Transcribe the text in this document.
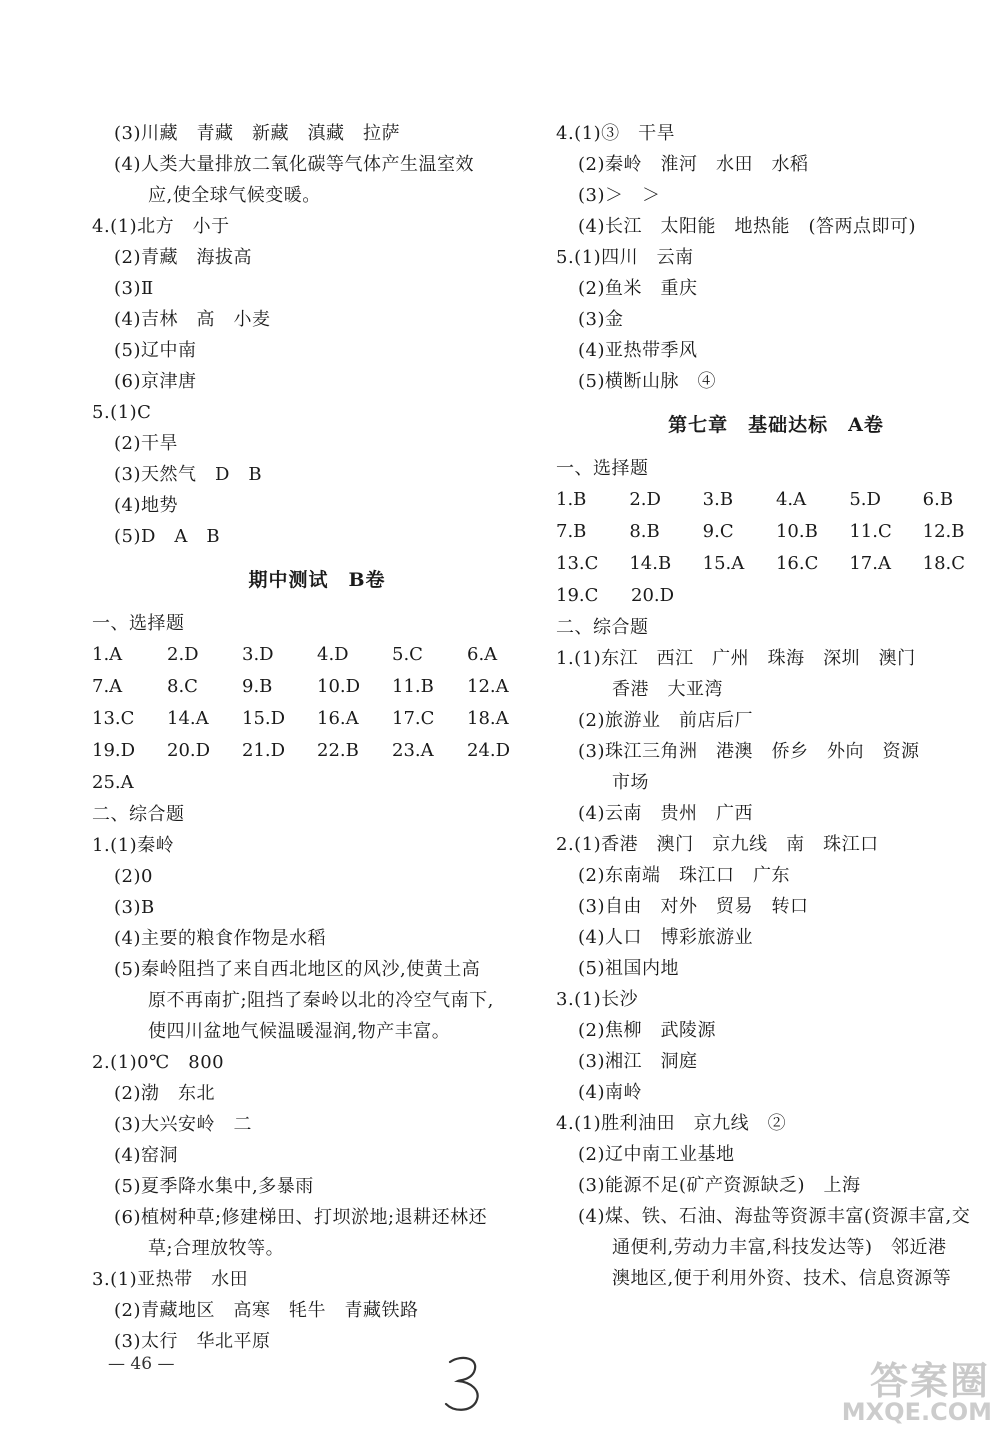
(3)川藏　青藏　新藏　滇藏　拉萨
(4)人类大量排放二氧化碳等气体产生温室效
应,使全球气候变暖。
4.(1)北方　小于
(2)青藏　海拔高
(3)Ⅱ
(4)吉林　高　小麦
(5)辽中南
(6)京津唐
5.(1)C
(2)干旱
(3)天然气　D　B
(4)地势
(5)D　A　B
期中测试　B卷
一、选择题
1.A	2.D	3.D	4.D	5.C	6.A
7.A	8.C	9.B	10.D	11.B	12.A
13.C	14.A	15.D	16.A	17.C	18.A
19.D	20.D	21.D	22.B	23.A	24.D
25.A
二、综合题
1.(1)秦岭
(2)0
(3)B
(4)主要的粮食作物是水稻
(5)秦岭阻挡了来自西北地区的风沙,使黄土高
原不再南扩;阻挡了秦岭以北的冷空气南下,
使四川盆地气候温暖湿润,物产丰富。
2.(1)0℃　800
(2)渤　东北
(3)大兴安岭　二
(4)窑洞
(5)夏季降水集中,多暴雨
(6)植树种草;修建梯田、打坝淤地;退耕还林还
草;合理放牧等。
3.(1)亚热带　水田
(2)青藏地区　高寒　牦牛　青藏铁路
(3)太行　华北平原
4.(1)③　干旱
(2)秦岭　淮河　水田　水稻
(3)＞　＞
(4)长江　太阳能　地热能　(答两点即可)
5.(1)四川　云南
(2)鱼米　重庆
(3)金
(4)亚热带季风
(5)横断山脉　④
第七章　基础达标　A卷
一、选择题
1.B	2.D	3.B	4.A	5.D	6.B
7.B	8.B	9.C	10.B	11.C	12.B
13.C	14.B	15.A	16.C	17.A	18.C
19.C	20.D
二、综合题
1.(1)东江　西江　广州　珠海　深圳　澳门
香港　大亚湾
(2)旅游业　前店后厂
(3)珠江三角洲　港澳　侨乡　外向　资源
市场
(4)云南　贵州　广西
2.(1)香港　澳门　京九线　南　珠江口
(2)东南端　珠江口　广东
(3)自由　对外　贸易　转口
(4)人口　博彩旅游业
(5)祖国内地
3.(1)长沙
(2)焦柳　武陵源
(3)湘江　洞庭
(4)南岭
4.(1)胜利油田　京九线　②
(2)辽中南工业基地
(3)能源不足(矿产资源缺乏)　上海
(4)煤、铁、石油、海盐等资源丰富(资源丰富,交
通便利,劳动力丰富,科技发达等)　邻近港
澳地区,便于利用外资、技术、信息资源等
— 46 —	答案圈
MXQE.COM
